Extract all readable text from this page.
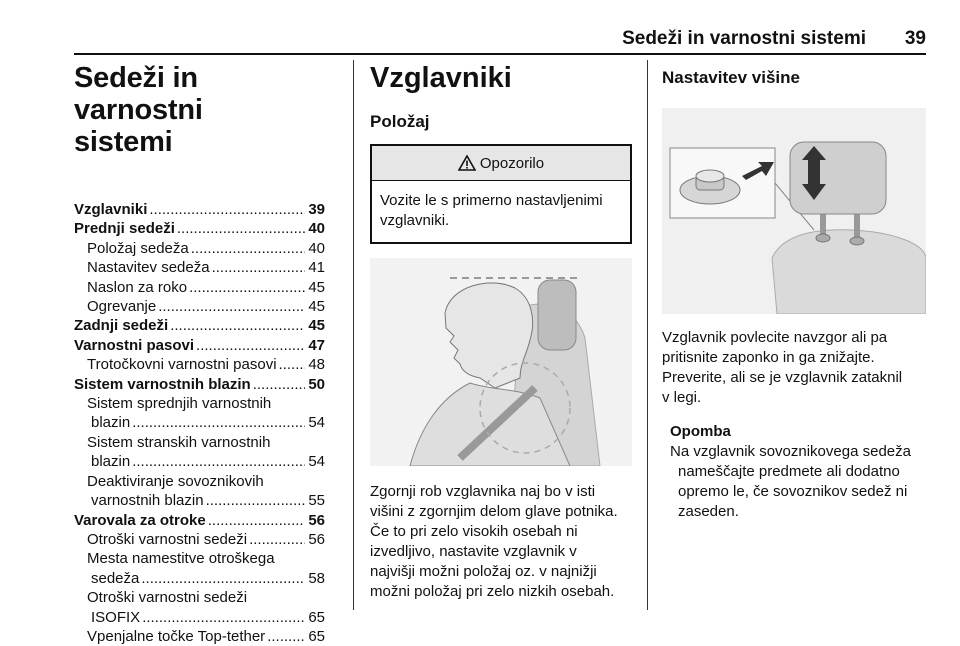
Sedeži in varnostni sistemi 39
Sedeži in varnostni
sistemi
Vzglavniki .....	39
Prednji sedeži .....	40
Položaj sedeža .....	40
Nastavitev sedeža .....	41
Naslon za roko .....	45
Ogrevanje .....	45
Zadnji sedeži .....	45
Varnostni pasovi .....	47
Trotočkovni varnostni pasovi ..... 48
Sistem varnostnih blazin .....	50
Sistem sprednjih varnostnih
blazin .....	54
Sistem stranskih varnostnih
blazin .....	54
Deaktiviranje sovoznikovih
varnostnih blazin .....	55
Varovala za otroke .....	56
Otroški varnostni sedeži .....	56
Mesta namestitve otroškega
sedeža .....	58
Otroški varnostni sedeži
ISOFIX .....	65
Vpenjalne točke Top-tether .....	65
Vzglavniki
Položaj
Opozorilo
Vozite le s primerno nastavljenimi
vzglavniki.

Zgornji rob vzglavnika naj bo v isti

višini z zgornjim delom glave potnika.

Če to pri zelo visokih osebah ni

izvedljivo, nastavite vzglavnik v

najvišji možni položaj oz. v najnižji

možni položaj pri zelo nizkih osebah.

Nastavitev višine

Vzglavnik povlecite navzgor ali pa

pritisnite zaponko in ga znižajte.

Preverite, ali se je vzglavnik zataknil

v legi.

Opomba

Na vzglavnik sovoznikovega sedeža

nameščajte predmete ali dodatno

opremo le, če sovoznikov sedež ni

zaseden.
